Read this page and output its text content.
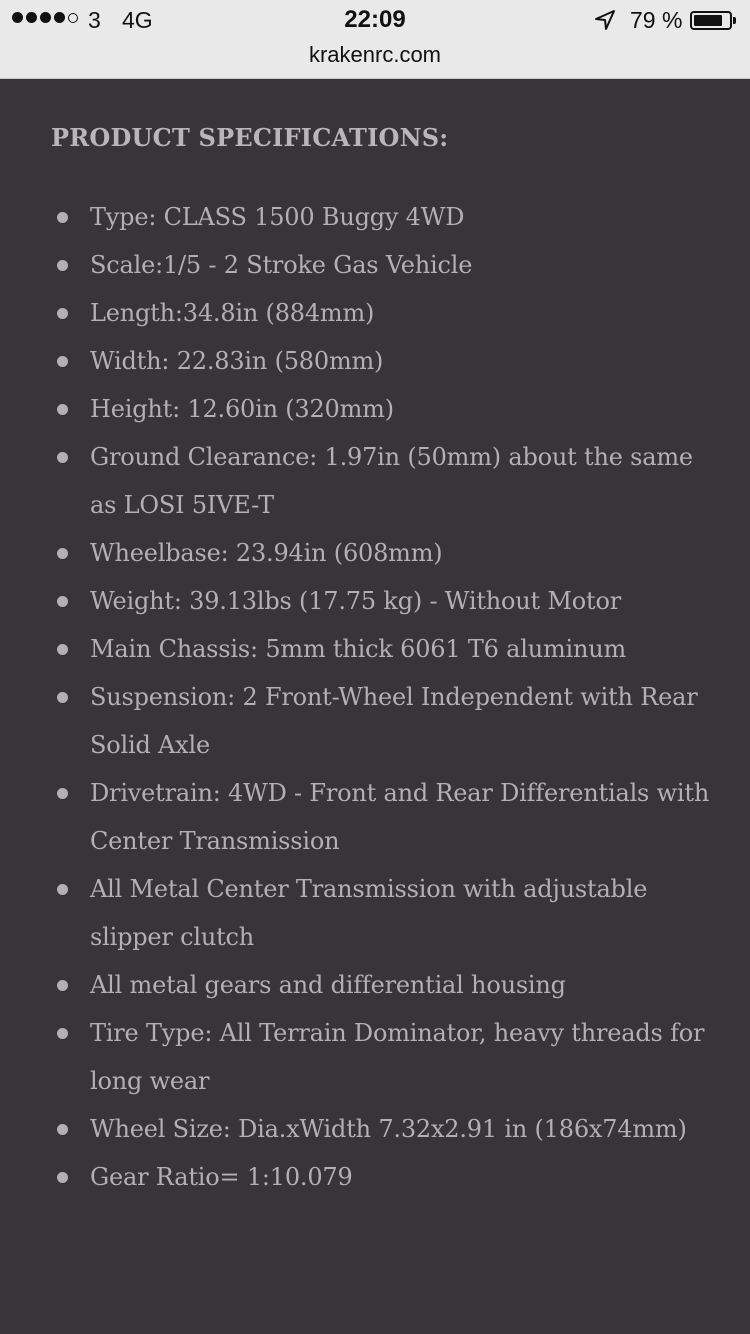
3 4G	22:09	79 %
krakenrc.com
PRODUCT SPECIFICATIONS:
Type: CLASS 1500 Buggy 4WD
Scale:1/5 - 2 Stroke Gas Vehicle
Length:34.8in (884mm)
Width: 22.83in (580mm)
Height: 12.60in (320mm)
Ground Clearance: 1.97in (50mm) about the same as LOSI 5IVE-T
Wheelbase: 23.94in (608mm)
Weight: 39.13lbs (17.75 kg) - Without Motor
Main Chassis: 5mm thick 6061 T6 aluminum
Suspension: 2 Front-Wheel Independent with Rear Solid Axle
Drivetrain: 4WD - Front and Rear Differentials with Center Transmission
All Metal Center Transmission with adjustable slipper clutch
All metal gears and differential housing
Tire Type: All Terrain Dominator, heavy threads for long wear
Wheel Size: Dia.xWidth 7.32x2.91 in (186x74mm)
Gear Ratio= 1:10.079
